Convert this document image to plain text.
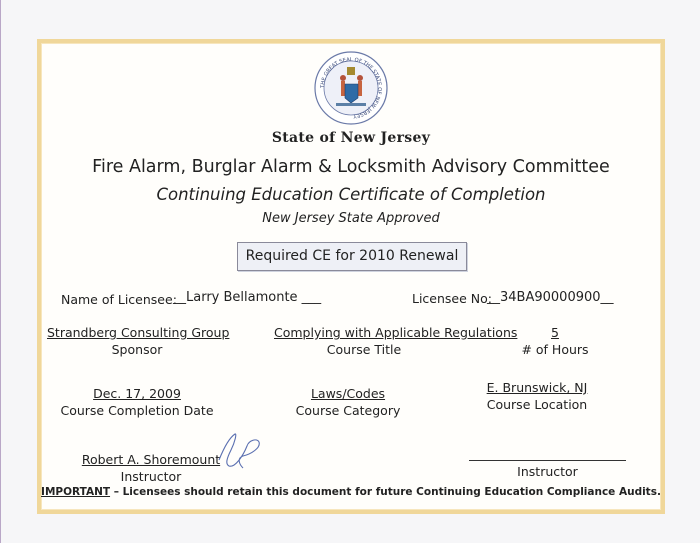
THE GREAT SEAL OF THE STATE OF NEW JERSEY
State of New Jersey
Fire Alarm, Burglar Alarm & Locksmith Advisory Committee
Continuing Education Certificate of Completion
New Jersey State Approved
Required CE for 2010 Renewal
Name of Licensee:
__Larry Bellamonte ___	Licensee No:
__34BA90000900__
Strandberg Consulting Group
Sponsor
Complying with Applicable Regulations
Course Title
5
# of Hours
Dec. 17, 2009
Course Completion Date
Laws/Codes
Course Category
E. Brunswick, NJ
Course Location
Robert A. Shoremount
Instructor	Instructor
IMPORTANT – Licensees should retain this document for future Continuing Education Compliance Audits.
